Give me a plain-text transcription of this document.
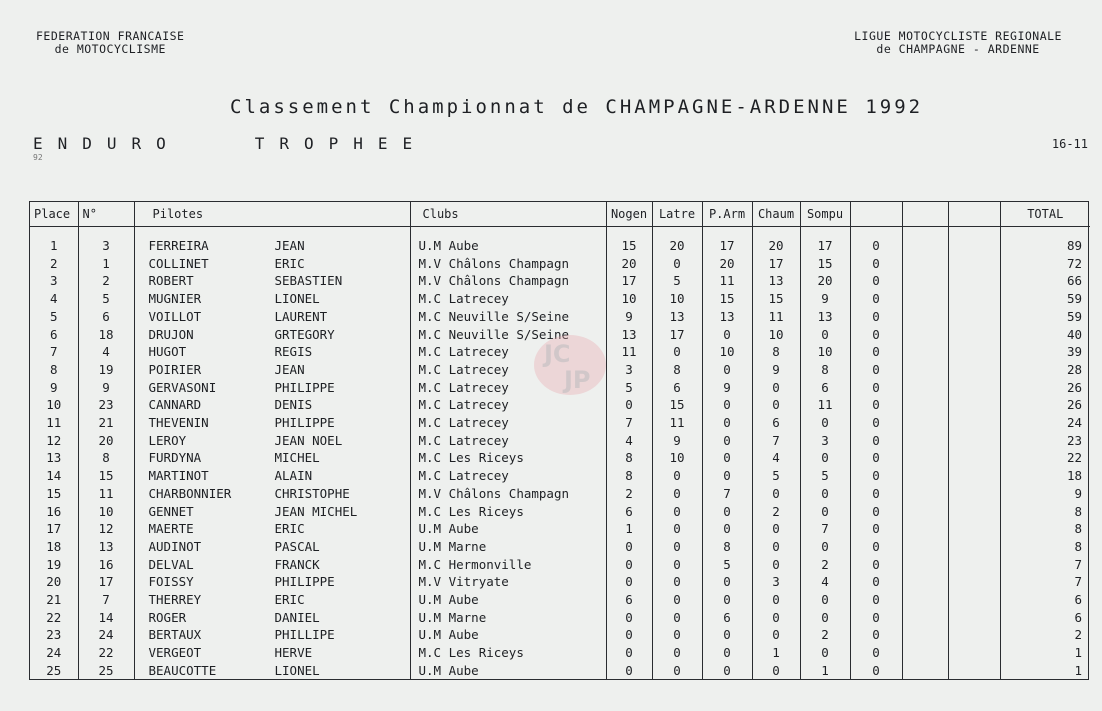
FEDERATION FRANCAISE
de MOTOCYCLISME
LIGUE MOTOCYCLISTE REGIONALE
de CHAMPAGNE - ARDENNE
Classement Championnat de CHAMPAGNE-ARDENNE 1992
ENDURO   TROPHEE
92
16-11
Place	N°	Pilotes	Clubs	Nogen	Latre	P.Arm	Chaum	Sompu				TOTAL
1	3	FERREIRA JEAN	U.M Aube	15	20	17	20	17	0			89
2	1	COLLINET ERIC	M.V Châlons Champagn	20	0	20	17	15	0			72
3	2	ROBERT SEBASTIEN	M.V Châlons Champagn	17	5	11	13	20	0			66
4	5	MUGNIER LIONEL	M.C Latrecey	10	10	15	15	9	0			59
5	6	VOILLOT LAURENT	M.C Neuville S/Seine	9	13	13	11	13	0			59
6	18	DRUJON GRTEGORY	M.C Neuville S/Seine	13	17	0	10	0	0			40
7	4	HUGOT REGIS	M.C Latrecey	11	0	10	8	10	0			39
8	19	POIRIER JEAN	M.C Latrecey	3	8	0	9	8	0			28
9	9	GERVASONI PHILIPPE	M.C Latrecey	5	6	9	0	6	0			26
10	23	CANNARD DENIS	M.C Latrecey	0	15	0	0	11	0			26
11	21	THEVENIN PHILIPPE	M.C Latrecey	7	11	0	6	0	0			24
12	20	LEROY JEAN NOEL	M.C Latrecey	4	9	0	7	3	0			23
13	8	FURDYNA MICHEL	M.C Les Riceys	8	10	0	4	0	0			22
14	15	MARTINOT ALAIN	M.C Latrecey	8	0	0	5	5	0			18
15	11	CHARBONNIER CHRISTOPHE	M.V Châlons Champagn	2	0	7	0	0	0			9
16	10	GENNET JEAN MICHEL	M.C Les Riceys	6	0	0	2	0	0			8
17	12	MAERTE ERIC	U.M Aube	1	0	0	0	7	0			8
18	13	AUDINOT PASCAL	U.M Marne	0	0	8	0	0	0			8
19	16	DELVAL FRANCK	M.C Hermonville	0	0	5	0	2	0			7
20	17	FOISSY PHILIPPE	M.V Vitryate	0	0	0	3	4	0			7
21	7	THERREY ERIC	U.M Aube	6	0	0	0	0	0			6
22	14	ROGER DANIEL	U.M Marne	0	0	6	0	0	0			6
23	24	BERTAUX PHILLIPE	U.M Aube	0	0	0	0	2	0			2
24	22	VERGEOT HERVE	M.C Les Riceys	0	0	0	1	0	0			1
25	25	BEAUCOTTE LIONEL	U.M Aube	0	0	0	0	1	0			1
JC
JP
